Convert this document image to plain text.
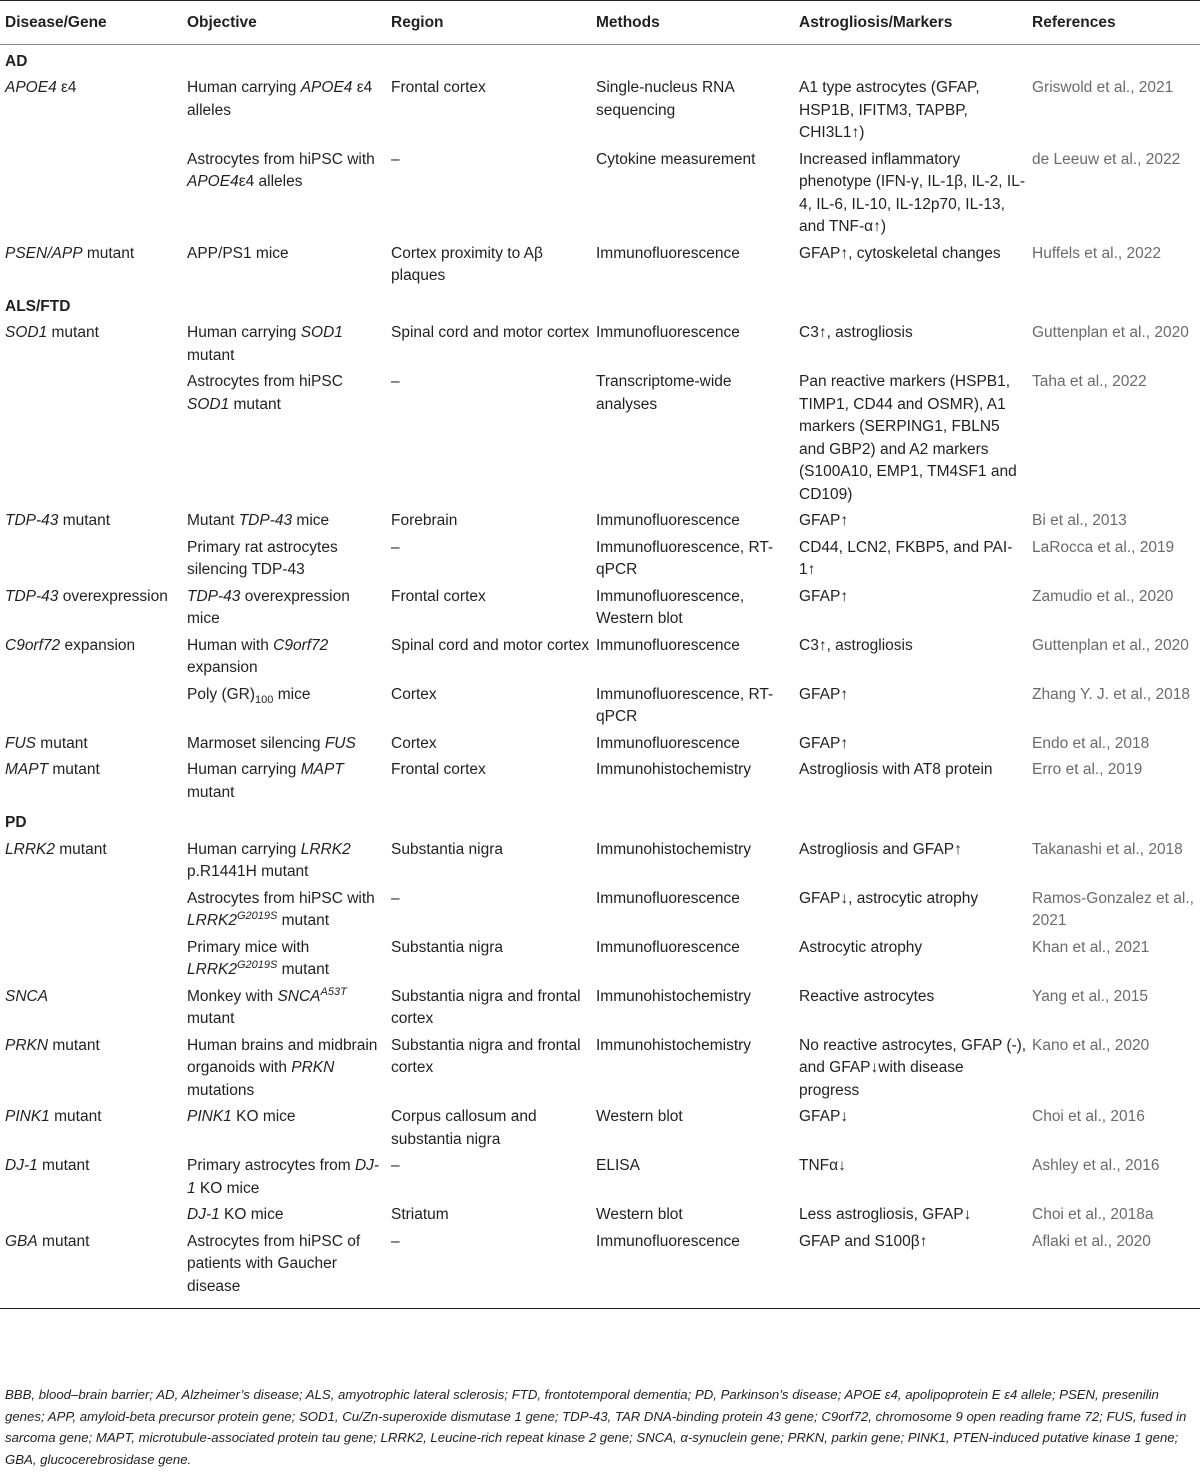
Disease/Gene	Objective	Region	Methods	Astrogliosis/Markers	References
AD					
APOE4 ε4	Human carrying APOE4 ε4 alleles	Frontal cortex	Single-nucleus RNA sequencing	A1 type astrocytes (GFAP, HSP1B, IFITM3, TAPBP, CHI3L1↑)	Griswold et al., 2021
	Astrocytes from hiPSC with APOE4ε4 alleles	–	Cytokine measurement	Increased inflammatory phenotype (IFN-γ, IL-1β, IL-2, IL-4, IL-6, IL-10, IL-12p70, IL-13, and TNF-α↑)	de Leeuw et al., 2022
PSEN/APP mutant	APP/PS1 mice	Cortex proximity to Aβ plaques	Immunofluorescence	GFAP↑, cytoskeletal changes	Huffels et al., 2022
ALS/FTD					
SOD1 mutant	Human carrying SOD1 mutant	Spinal cord and motor cortex	Immunofluorescence	C3↑, astrogliosis	Guttenplan et al., 2020
	Astrocytes from hiPSC SOD1 mutant	–	Transcriptome-wide analyses	Pan reactive markers (HSPB1, TIMP1, CD44 and OSMR), A1 markers (SERPING1, FBLN5 and GBP2) and A2 markers (S100A10, EMP1, TM4SF1 and CD109)	Taha et al., 2022
TDP-43 mutant	Mutant TDP-43 mice	Forebrain	Immunofluorescence	GFAP↑	Bi et al., 2013
	Primary rat astrocytes silencing TDP-43	–	Immunofluorescence, RT-qPCR	CD44, LCN2, FKBP5, and PAI-1↑	LaRocca et al., 2019
TDP-43 overexpression	TDP-43 overexpression mice	Frontal cortex	Immunofluorescence, Western blot	GFAP↑	Zamudio et al., 2020
C9orf72 expansion	Human with C9orf72 expansion	Spinal cord and motor cortex	Immunofluorescence	C3↑, astrogliosis	Guttenplan et al., 2020
	Poly $(GR)_{100}$ mice	Cortex	Immunofluorescence, RT-qPCR	GFAP↑	Zhang Y. J. et al., 2018
FUS mutant	Marmoset silencing FUS	Cortex	Immunofluorescence	GFAP↑	Endo et al., 2018
MAPT mutant	Human carrying MAPT mutant	Frontal cortex	Immunohistochemistry	Astrogliosis with AT8 protein	Erro et al., 2019
PD					
LRRK2 mutant	Human carrying LRRK2 p.R1441H mutant	Substantia nigra	Immunohistochemistry	Astrogliosis and GFAP↑	Takanashi et al., 2018
	Astrocytes from hiPSC with $LRRK2^{G2019S}$ mutant	–	Immunofluorescence	GFAP↓, astrocytic atrophy	Ramos-Gonzalez et al., 2021
	Primary mice with $LRRK2^{G2019S}$ mutant	Substantia nigra	Immunofluorescence	Astrocytic atrophy	Khan et al., 2021
SNCA	Monkey with $SNCA^{A53T}$ mutant	Substantia nigra and frontal cortex	Immunohistochemistry	Reactive astrocytes	Yang et al., 2015
PRKN mutant	Human brains and midbrain organoids with PRKN mutations	Substantia nigra and frontal cortex	Immunohistochemistry	No reactive astrocytes, GFAP (-), and GFAP↓with disease progress	Kano et al., 2020
PINK1 mutant	PINK1 KO mice	Corpus callosum and substantia nigra	Western blot	GFAP↓	Choi et al., 2016
DJ-1 mutant	Primary astrocytes from DJ-1 KO mice	–	ELISA	TNFα↓	Ashley et al., 2016
	DJ-1 KO mice	Striatum	Western blot	Less astrogliosis, GFAP↓	Choi et al., 2018a
GBA mutant	Astrocytes from hiPSC of patients with Gaucher disease	–	Immunofluorescence	GFAP and S100β↑	Aflaki et al., 2020
BBB, blood–brain barrier; AD, Alzheimer’s disease; ALS, amyotrophic lateral sclerosis; FTD, frontotemporal dementia; PD, Parkinson’s disease; APOE ε4, apolipoprotein E ε4 allele; PSEN, presenilin genes; APP, amyloid-beta precursor protein gene; SOD1, Cu/Zn-superoxide dismutase 1 gene; TDP-43, TAR DNA-binding protein 43 gene; C9orf72, chromosome 9 open reading frame 72; FUS, fused in sarcoma gene; MAPT, microtubule-associated protein tau gene; LRRK2, Leucine-rich repeat kinase 2 gene; SNCA, α-synuclein gene; PRKN, parkin gene; PINK1, PTEN-induced putative kinase 1 gene; GBA, glucocerebrosidase gene.
